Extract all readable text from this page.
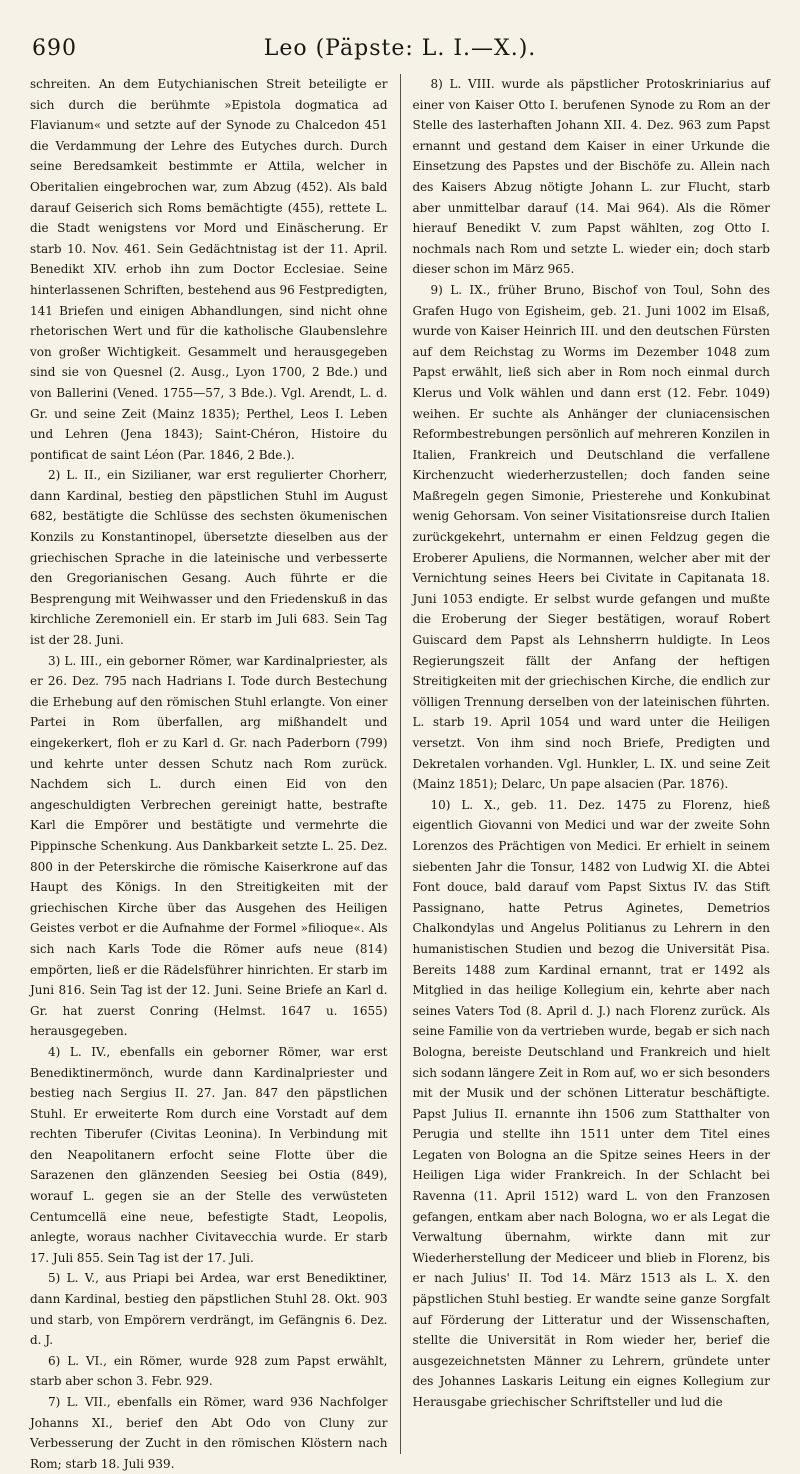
690	Leo (Päpste: L. I.—X.).

schreiten. An dem Eutychianischen Streit beteiligte er sich durch die berühmte »Epistola dogmatica ad Flavianum« und setzte auf der Synode zu Chalcedon 451 die Verdammung der Lehre des Eutyches durch. Durch seine Beredsamkeit bestimmte er Attila, welcher in Oberitalien eingebrochen war, zum Abzug (452). Als bald darauf Geiserich sich Roms bemächtigte (455), rettete L. die Stadt wenigstens vor Mord und Einäscherung. Er starb 10. Nov. 461. Sein Gedächtnistag ist der 11. April. Benedikt XIV. erhob ihn zum Doctor Ecclesiae. Seine hinterlassenen Schriften, bestehend aus 96 Festpredigten, 141 Briefen und einigen Abhandlungen, sind nicht ohne rhetorischen Wert und für die katholische Glaubenslehre von großer Wichtigkeit. Gesammelt und herausgegeben sind sie von Quesnel (2. Ausg., Lyon 1700, 2 Bde.) und von Ballerini (Vened. 1755—57, 3 Bde.). Vgl. Arendt, L. d. Gr. und seine Zeit (Mainz 1835); Perthel, Leos I. Leben und Lehren (Jena 1843); Saint-Chéron, Histoire du pontificat de saint Léon (Par. 1846, 2 Bde.).

2) L. II., ein Sizilianer, war erst regulierter Chorherr, dann Kardinal, bestieg den päpstlichen Stuhl im August 682, bestätigte die Schlüsse des sechsten ökumenischen Konzils zu Konstantinopel, übersetzte dieselben aus der griechischen Sprache in die lateinische und verbesserte den Gregorianischen Gesang. Auch führte er die Besprengung mit Weihwasser und den Friedenskuß in das kirchliche Zeremoniell ein. Er starb im Juli 683. Sein Tag ist der 28. Juni.

3) L. III., ein geborner Römer, war Kardinalpriester, als er 26. Dez. 795 nach Hadrians I. Tode durch Bestechung die Erhebung auf den römischen Stuhl erlangte. Von einer Partei in Rom überfallen, arg mißhandelt und eingekerkert, floh er zu Karl d. Gr. nach Paderborn (799) und kehrte unter dessen Schutz nach Rom zurück. Nachdem sich L. durch einen Eid von den angeschuldigten Verbrechen gereinigt hatte, bestrafte Karl die Empörer und bestätigte und vermehrte die Pippinsche Schenkung. Aus Dankbarkeit setzte L. 25. Dez. 800 in der Peterskirche die römische Kaiserkrone auf das Haupt des Königs. In den Streitigkeiten mit der griechischen Kirche über das Ausgehen des Heiligen Geistes verbot er die Aufnahme der Formel »filioque«. Als sich nach Karls Tode die Römer aufs neue (814) empörten, ließ er die Rädelsführer hinrichten. Er starb im Juni 816. Sein Tag ist der 12. Juni. Seine Briefe an Karl d. Gr. hat zuerst Conring (Helmst. 1647 u. 1655) herausgegeben.

4) L. IV., ebenfalls ein geborner Römer, war erst Benediktinermönch, wurde dann Kardinalpriester und bestieg nach Sergius II. 27. Jan. 847 den päpstlichen Stuhl. Er erweiterte Rom durch eine Vorstadt auf dem rechten Tiberufer (Civitas Leonina). In Verbindung mit den Neapolitanern erfocht seine Flotte über die Sarazenen den glänzenden Seesieg bei Ostia (849), worauf L. gegen sie an der Stelle des verwüsteten Centumcellä eine neue, befestigte Stadt, Leopolis, anlegte, woraus nachher Civitavecchia wurde. Er starb 17. Juli 855. Sein Tag ist der 17. Juli.

5) L. V., aus Priapi bei Ardea, war erst Benediktiner, dann Kardinal, bestieg den päpstlichen Stuhl 28. Okt. 903 und starb, von Empörern verdrängt, im Gefängnis 6. Dez. d. J.

6) L. VI., ein Römer, wurde 928 zum Papst erwählt, starb aber schon 3. Febr. 929.

7) L. VII., ebenfalls ein Römer, ward 936 Nachfolger Johanns XI., berief den Abt Odo von Cluny zur Verbesserung der Zucht in den römischen Klöstern nach Rom; starb 18. Juli 939.

8) L. VIII. wurde als päpstlicher Protoskriniarius auf einer von Kaiser Otto I. berufenen Synode zu Rom an der Stelle des lasterhaften Johann XII. 4. Dez. 963 zum Papst ernannt und gestand dem Kaiser in einer Urkunde die Einsetzung des Papstes und der Bischöfe zu. Allein nach des Kaisers Abzug nötigte Johann L. zur Flucht, starb aber unmittelbar darauf (14. Mai 964). Als die Römer hierauf Benedikt V. zum Papst wählten, zog Otto I. nochmals nach Rom und setzte L. wieder ein; doch starb dieser schon im März 965.

9) L. IX., früher Bruno, Bischof von Toul, Sohn des Grafen Hugo von Egisheim, geb. 21. Juni 1002 im Elsaß, wurde von Kaiser Heinrich III. und den deutschen Fürsten auf dem Reichstag zu Worms im Dezember 1048 zum Papst erwählt, ließ sich aber in Rom noch einmal durch Klerus und Volk wählen und dann erst (12. Febr. 1049) weihen. Er suchte als Anhänger der cluniacensischen Reformbestrebungen persönlich auf mehreren Konzilen in Italien, Frankreich und Deutschland die verfallene Kirchenzucht wiederherzustellen; doch fanden seine Maßregeln gegen Simonie, Priesterehe und Konkubinat wenig Gehorsam. Von seiner Visitationsreise durch Italien zurückgekehrt, unternahm er einen Feldzug gegen die Eroberer Apuliens, die Normannen, welcher aber mit der Vernichtung seines Heers bei Civitate in Capitanata 18. Juni 1053 endigte. Er selbst wurde gefangen und mußte die Eroberung der Sieger bestätigen, worauf Robert Guiscard dem Papst als Lehnsherrn huldigte. In Leos Regierungszeit fällt der Anfang der heftigen Streitigkeiten mit der griechischen Kirche, die endlich zur völligen Trennung derselben von der lateinischen führten. L. starb 19. April 1054 und ward unter die Heiligen versetzt. Von ihm sind noch Briefe, Predigten und Dekretalen vorhanden. Vgl. Hunkler, L. IX. und seine Zeit (Mainz 1851); Delarc, Un pape alsacien (Par. 1876).

10) L. X., geb. 11. Dez. 1475 zu Florenz, hieß eigentlich Giovanni von Medici und war der zweite Sohn Lorenzos des Prächtigen von Medici. Er erhielt in seinem siebenten Jahr die Tonsur, 1482 von Ludwig XI. die Abtei Font douce, bald darauf vom Papst Sixtus IV. das Stift Passignano, hatte Petrus Aginetes, Demetrios Chalkondylas und Angelus Politianus zu Lehrern in den humanistischen Studien und bezog die Universität Pisa. Bereits 1488 zum Kardinal ernannt, trat er 1492 als Mitglied in das heilige Kollegium ein, kehrte aber nach seines Vaters Tod (8. April d. J.) nach Florenz zurück. Als seine Familie von da vertrieben wurde, begab er sich nach Bologna, bereiste Deutschland und Frankreich und hielt sich sodann längere Zeit in Rom auf, wo er sich besonders mit der Musik und der schönen Litteratur beschäftigte. Papst Julius II. ernannte ihn 1506 zum Statthalter von Perugia und stellte ihn 1511 unter dem Titel eines Legaten von Bologna an die Spitze seines Heers in der Heiligen Liga wider Frankreich. In der Schlacht bei Ravenna (11. April 1512) ward L. von den Franzosen gefangen, entkam aber nach Bologna, wo er als Legat die Verwaltung übernahm, wirkte dann mit zur Wiederherstellung der Mediceer und blieb in Florenz, bis er nach Julius' II. Tod 14. März 1513 als L. X. den päpstlichen Stuhl bestieg. Er wandte seine ganze Sorgfalt auf Förderung der Litteratur und der Wissenschaften, stellte die Universität in Rom wieder her, berief die ausgezeichnetsten Männer zu Lehrern, gründete unter des Johannes Laskaris Leitung ein eignes Kollegium zur Herausgabe griechischer Schriftsteller und lud die
